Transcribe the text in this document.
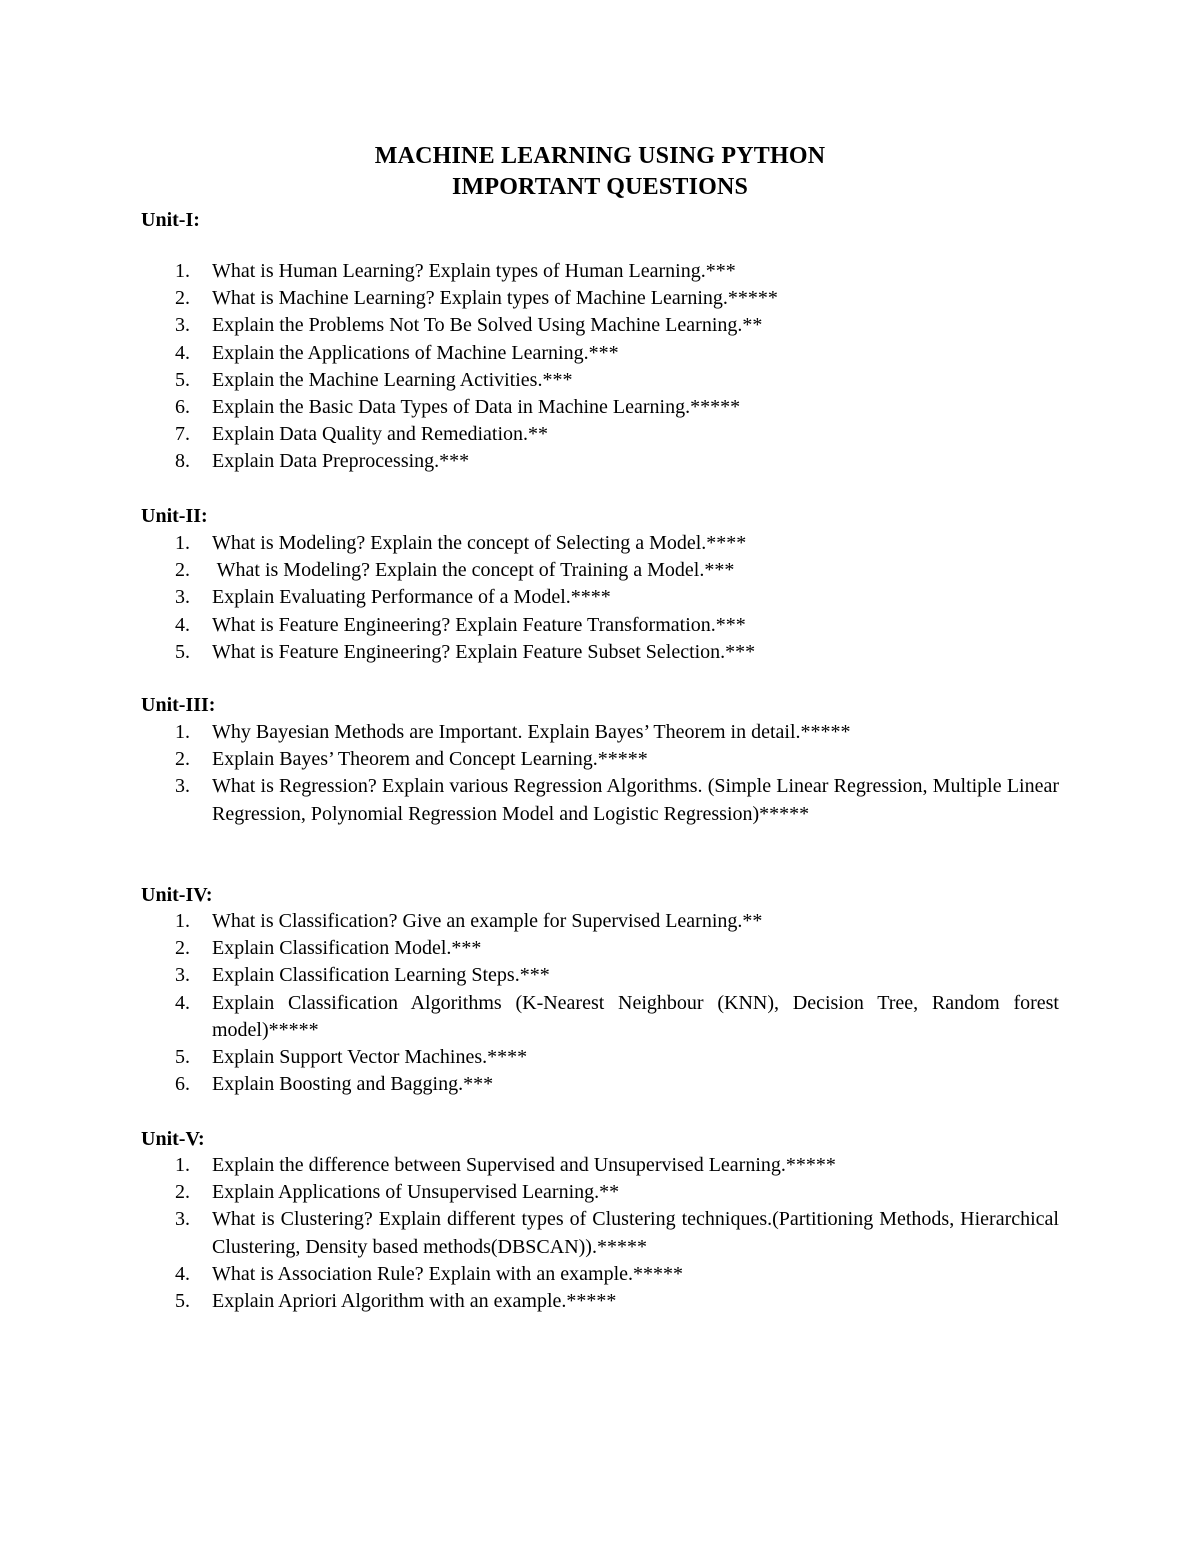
MACHINE LEARNING USING PYTHON
IMPORTANT QUESTIONS
Unit-I:
1.	What is Human Learning? Explain types of Human Learning.***
2.	What is Machine Learning? Explain types of Machine Learning.*****
3.	Explain the Problems Not To Be Solved Using Machine Learning.**
4.	Explain the Applications of Machine Learning.***
5.	Explain the Machine Learning Activities.***
6.	Explain the Basic Data Types of Data in Machine Learning.*****
7.	Explain Data Quality and Remediation.**
8.	Explain Data Preprocessing.***
Unit-II:
1.	What is Modeling? Explain the concept of Selecting a Model.****
2.	What is Modeling? Explain the concept of Training a Model.***
3.	Explain Evaluating Performance of a Model.****
4.	What is Feature Engineering? Explain Feature Transformation.***
5.	What is Feature Engineering? Explain Feature Subset Selection.***
Unit-III:
1.	Why Bayesian Methods are Important. Explain Bayes’ Theorem in detail.*****
2.	Explain Bayes’ Theorem and Concept Learning.*****
3.	What is Regression? Explain various Regression Algorithms. (Simple Linear Regression, Multiple Linear Regression, Polynomial Regression Model and Logistic Regression)*****
Unit-IV:
1.	What is Classification? Give an example for Supervised Learning.**
2.	Explain Classification Model.***
3.	Explain Classification Learning Steps.***
4.	Explain Classification Algorithms (K-Nearest Neighbour (KNN), Decision Tree, Random forest model)*****
5.	Explain Support Vector Machines.****
6.	Explain Boosting and Bagging.***
Unit-V:
1.	Explain the difference between Supervised and Unsupervised Learning.*****
2.	Explain Applications of Unsupervised Learning.**
3.	What is Clustering? Explain different types of Clustering techniques.(Partitioning Methods, Hierarchical Clustering, Density based methods(DBSCAN)).*****
4.	What is Association Rule? Explain with an example.*****
5.	Explain Apriori Algorithm with an example.*****
